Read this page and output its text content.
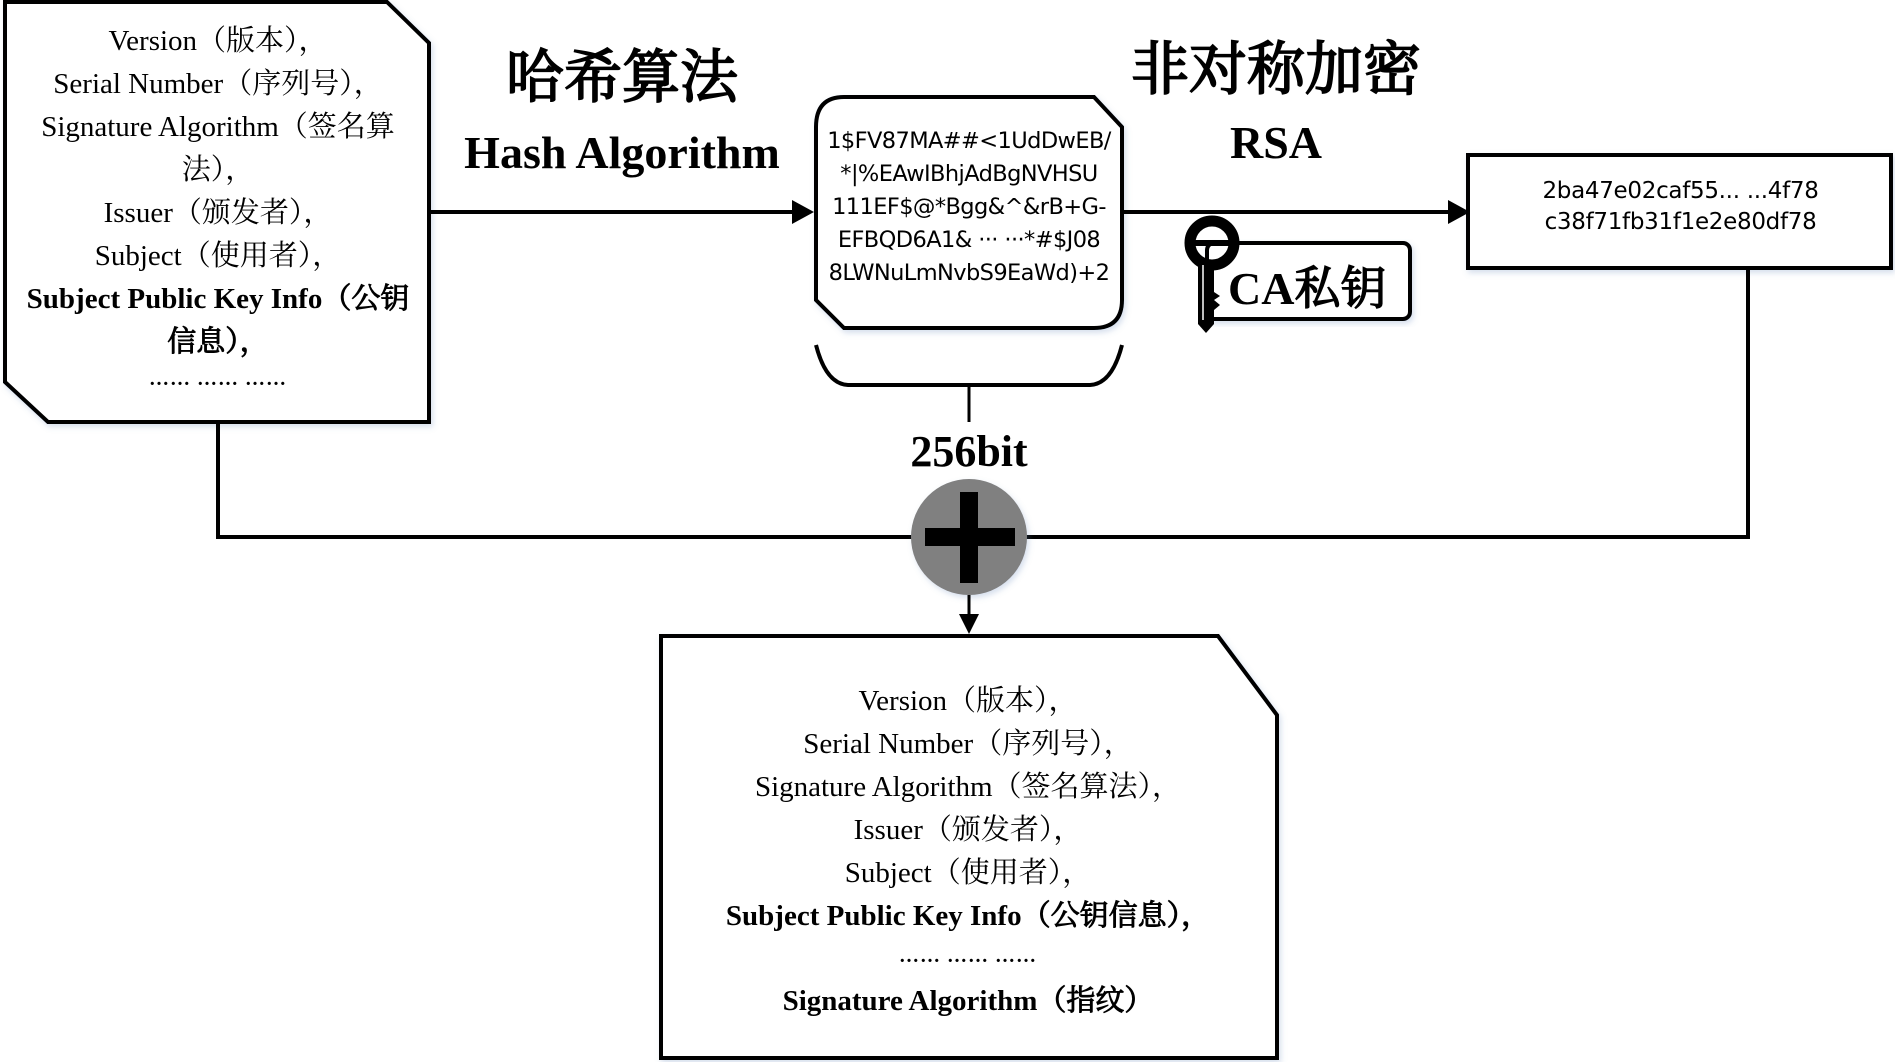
Version（版本），
Serial Number（序列号），
Signature Algorithm（签名算法），
Issuer（颁发者），
Subject（使用者），
Subject Public Key Info（公钥信息），
…… …… ……
哈希算法
Hash Algorithm	1$FV87MA##<1UdDwEB/
*|%EAwIBhjAdBgNVHSU
111EF$@*Bgg&^&rB+G-
EFBQD6A1& ··· ···*#$J08
8LWNuLmNvbS9EaWd)+2
256bit
非对称加密
RSA
CA私钥
2ba47e02caf55... ...4f78
c38f71fb31f1e2e80df78
Version（版本），
Serial Number（序列号），
Signature Algorithm（签名算法），
Issuer（颁发者），
Subject（使用者），
Subject Public Key Info（公钥信息），
…… …… ……
Signature Algorithm（指纹）
